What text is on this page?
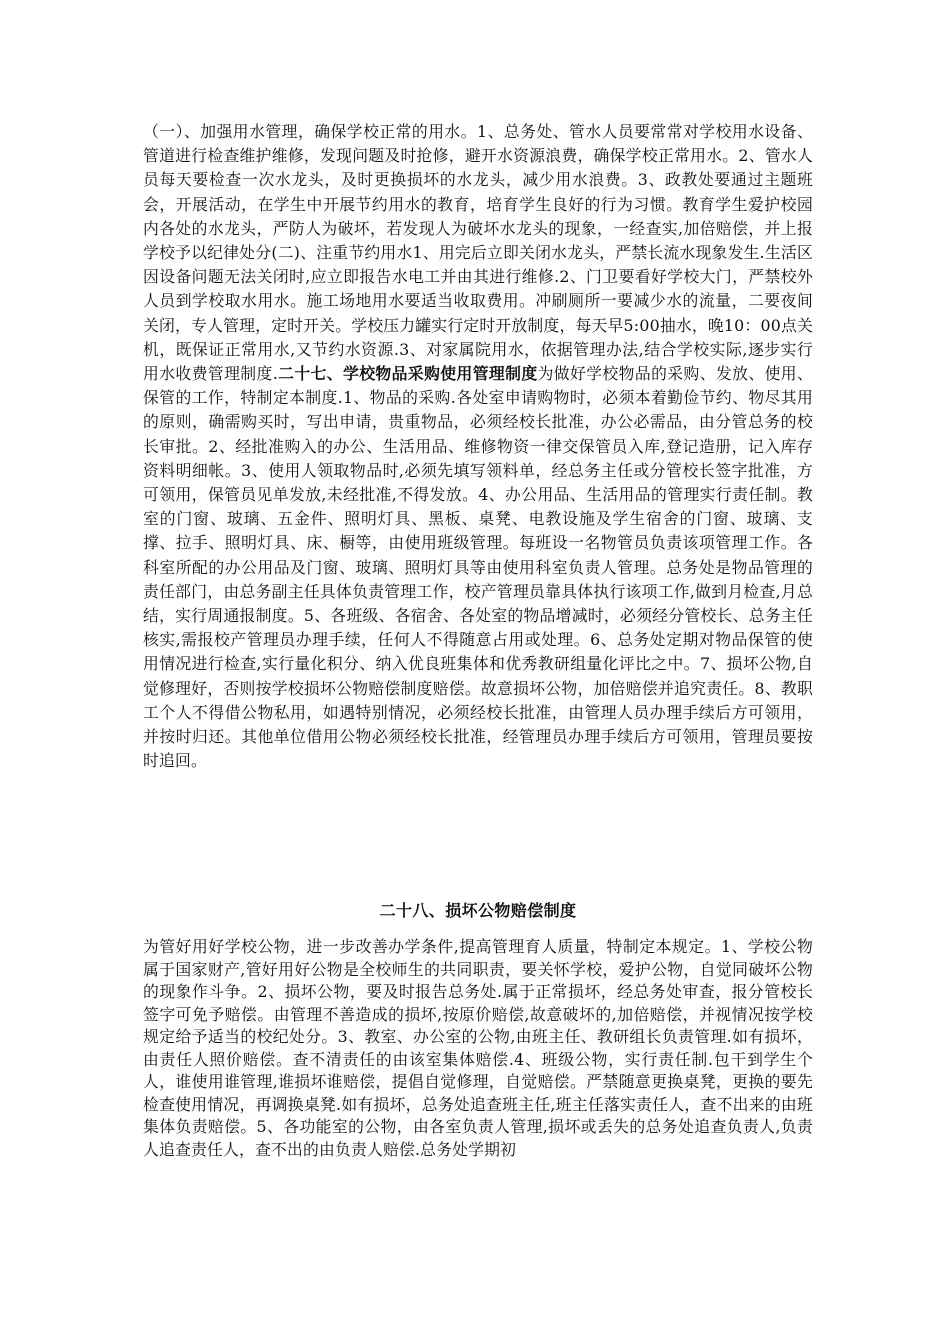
（一）、加强用水管理，确保学校正常的用水。1、总务处、管水人员要常常对学校用水设备、管道进行检查维护维修，发现问题及时抢修，避开水资源浪费，确保学校正常用水。2、管水人员每天要检查一次水龙头，及时更换损坏的水龙头，减少用水浪费。3、政教处要通过主题班会，开展活动，在学生中开展节约用水的教育，培育学生良好的行为习惯。教育学生爱护校园内各处的水龙头，严防人为破坏，若发现人为破坏水龙头的现象，一经查实,加倍赔偿，并上报学校予以纪律处分(二)、注重节约用水1、用完后立即关闭水龙头，严禁长流水现象发生.生活区因设备问题无法关闭时,应立即报告水电工并由其进行维修.2、门卫要看好学校大门，严禁校外人员到学校取水用水。施工场地用水要适当收取费用。冲刷厕所一要减少水的流量，二要夜间关闭，专人管理，定时开关。学校压力罐实行定时开放制度，每天早5:00抽水，晚10：00点关机，既保证正常用水,又节约水资源.3、对家属院用水，依据管理办法,结合学校实际,逐步实行用水收费管理制度.二十七、学校物品采购使用管理制度为做好学校物品的采购、发放、使用、保管的工作，特制定本制度.1、物品的采购.各处室申请购物时，必须本着勤俭节约、物尽其用的原则，确需购买时，写出申请，贵重物品，必须经校长批准，办公必需品，由分管总务的校长审批。2、经批准购入的办公、生活用品、维修物资一律交保管员入库,登记造册，记入库存资料明细帐。3、使用人领取物品时,必须先填写领料单，经总务主任或分管校长签字批准，方可领用，保管员见单发放,未经批准,不得发放。4、办公用品、生活用品的管理实行责任制。教室的门窗、玻璃、五金件、照明灯具、黑板、桌凳、电教设施及学生宿舍的门窗、玻璃、支撑、拉手、照明灯具、床、橱等，由使用班级管理。每班设一名物管员负责该项管理工作。各科室所配的办公用品及门窗、玻璃、照明灯具等由使用科室负责人管理。总务处是物品管理的责任部门，由总务副主任具体负责管理工作，校产管理员靠具体执行该项工作,做到月检查,月总结，实行周通报制度。5、各班级、各宿舍、各处室的物品增减时，必须经分管校长、总务主任核实,需报校产管理员办理手续，任何人不得随意占用或处理。6、总务处定期对物品保管的使用情况进行检查,实行量化积分、纳入优良班集体和优秀教研组量化评比之中。7、损坏公物,自觉修理好，否则按学校损坏公物赔偿制度赔偿。故意损坏公物，加倍赔偿并追究责任。8、教职工个人不得借公物私用，如遇特别情况，必须经校长批准，由管理人员办理手续后方可领用，并按时归还。其他单位借用公物必须经校长批准，经管理员办理手续后方可领用，管理员要按时追回。
二十八、损坏公物赔偿制度
为管好用好学校公物，进一步改善办学条件,提高管理育人质量，特制定本规定。1、学校公物属于国家财产,管好用好公物是全校师生的共同职责，要关怀学校，爱护公物，自觉同破坏公物的现象作斗争。2、损坏公物，要及时报告总务处.属于正常损坏，经总务处审查，报分管校长签字可免予赔偿。由管理不善造成的损坏,按原价赔偿,故意破坏的,加倍赔偿，并视情况按学校规定给予适当的校纪处分。3、教室、办公室的公物,由班主任、教研组长负责管理.如有损坏，由责任人照价赔偿。查不清责任的由该室集体赔偿.4、班级公物，实行责任制.包干到学生个人，谁使用谁管理,谁损坏谁赔偿，提倡自觉修理，自觉赔偿。严禁随意更换桌凳，更换的要先检查使用情况，再调换桌凳.如有损坏，总务处追查班主任,班主任落实责任人，查不出来的由班集体负责赔偿。5、各功能室的公物，由各室负责人管理,损坏或丢失的总务处追查负责人,负责人追查责任人，查不出的由负责人赔偿.总务处学期初
